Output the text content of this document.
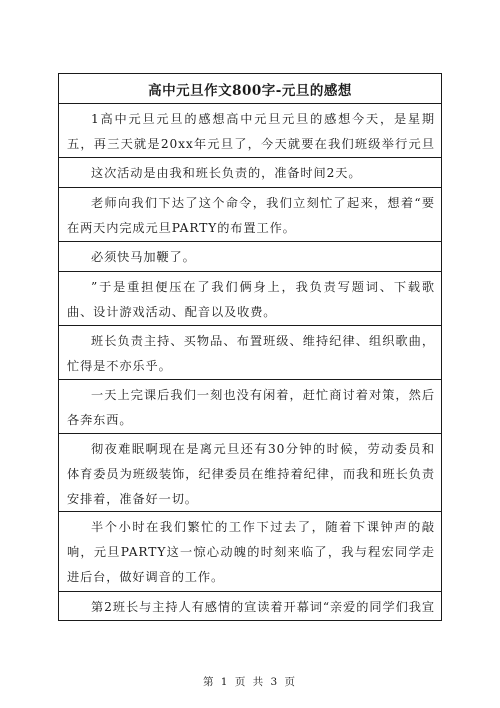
高中元旦作文800字-元旦的感想
1高中元旦元旦的感想高中元旦元旦的感想今天，是星期五，再三天就是20xx年元旦了，今天就要在我们班级举行元旦
这次活动是由我和班长负责的，准备时间2天。
老师向我们下达了这个命令，我们立刻忙了起来，想着“要在两天内完成元旦PARTY的布置工作。
必须快马加鞭了。
”于是重担便压在了我们俩身上，我负责写题词、下载歌曲、设计游戏活动、配音以及收费。
班长负责主持、买物品、布置班级、维持纪律、组织歌曲，忙得是不亦乐乎。
一天上完课后我们一刻也没有闲着，赶忙商讨着对策，然后各奔东西。
彻夜难眠啊现在是离元旦还有30分钟的时候，劳动委员和体育委员为班级装饰，纪律委员在维持着纪律，而我和班长负责安排着，准备好一切。
半个小时在我们繁忙的工作下过去了，随着下课钟声的敲响，元旦PARTY这一惊心动魄的时刻来临了，我与程宏同学走进后台，做好调音的工作。
第2班长与主持人有感情的宣读着开幕词“亲爱的同学们我宣
第 1 页 共 3 页
